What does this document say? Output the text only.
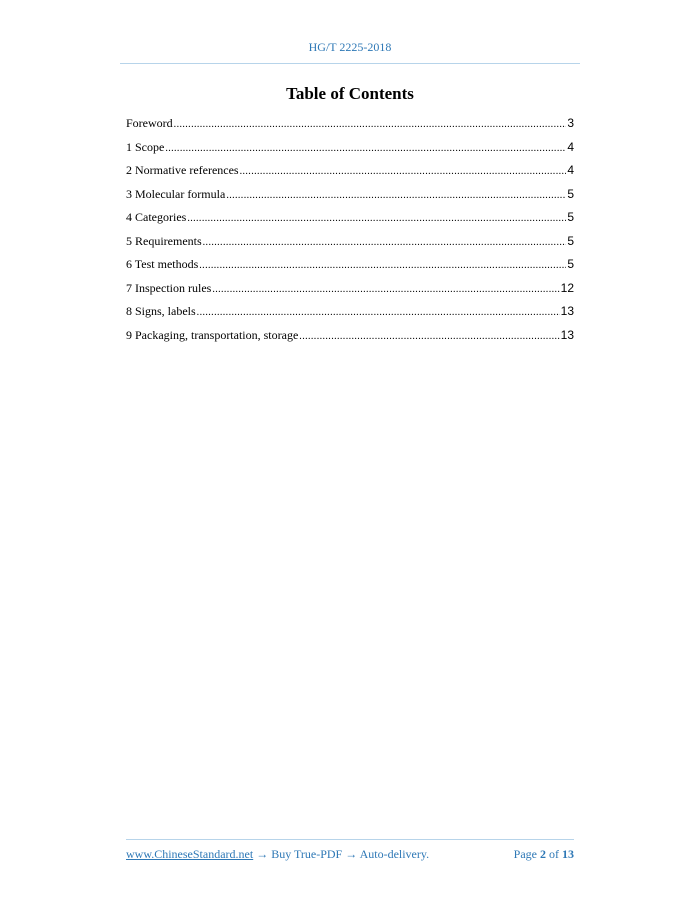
HG/T 2225-2018
Table of Contents
Foreword .....	3
1 Scope .....	4
2 Normative references .....	4
3 Molecular formula .....	5
4 Categories .....	5
5 Requirements .....	5
6 Test methods .....	5
7 Inspection rules .....	12
8 Signs, labels .....	13
9 Packaging, transportation, storage .....	13
www.ChineseStandard.net → Buy True-PDF → Auto-delivery.	Page 2 of 13
